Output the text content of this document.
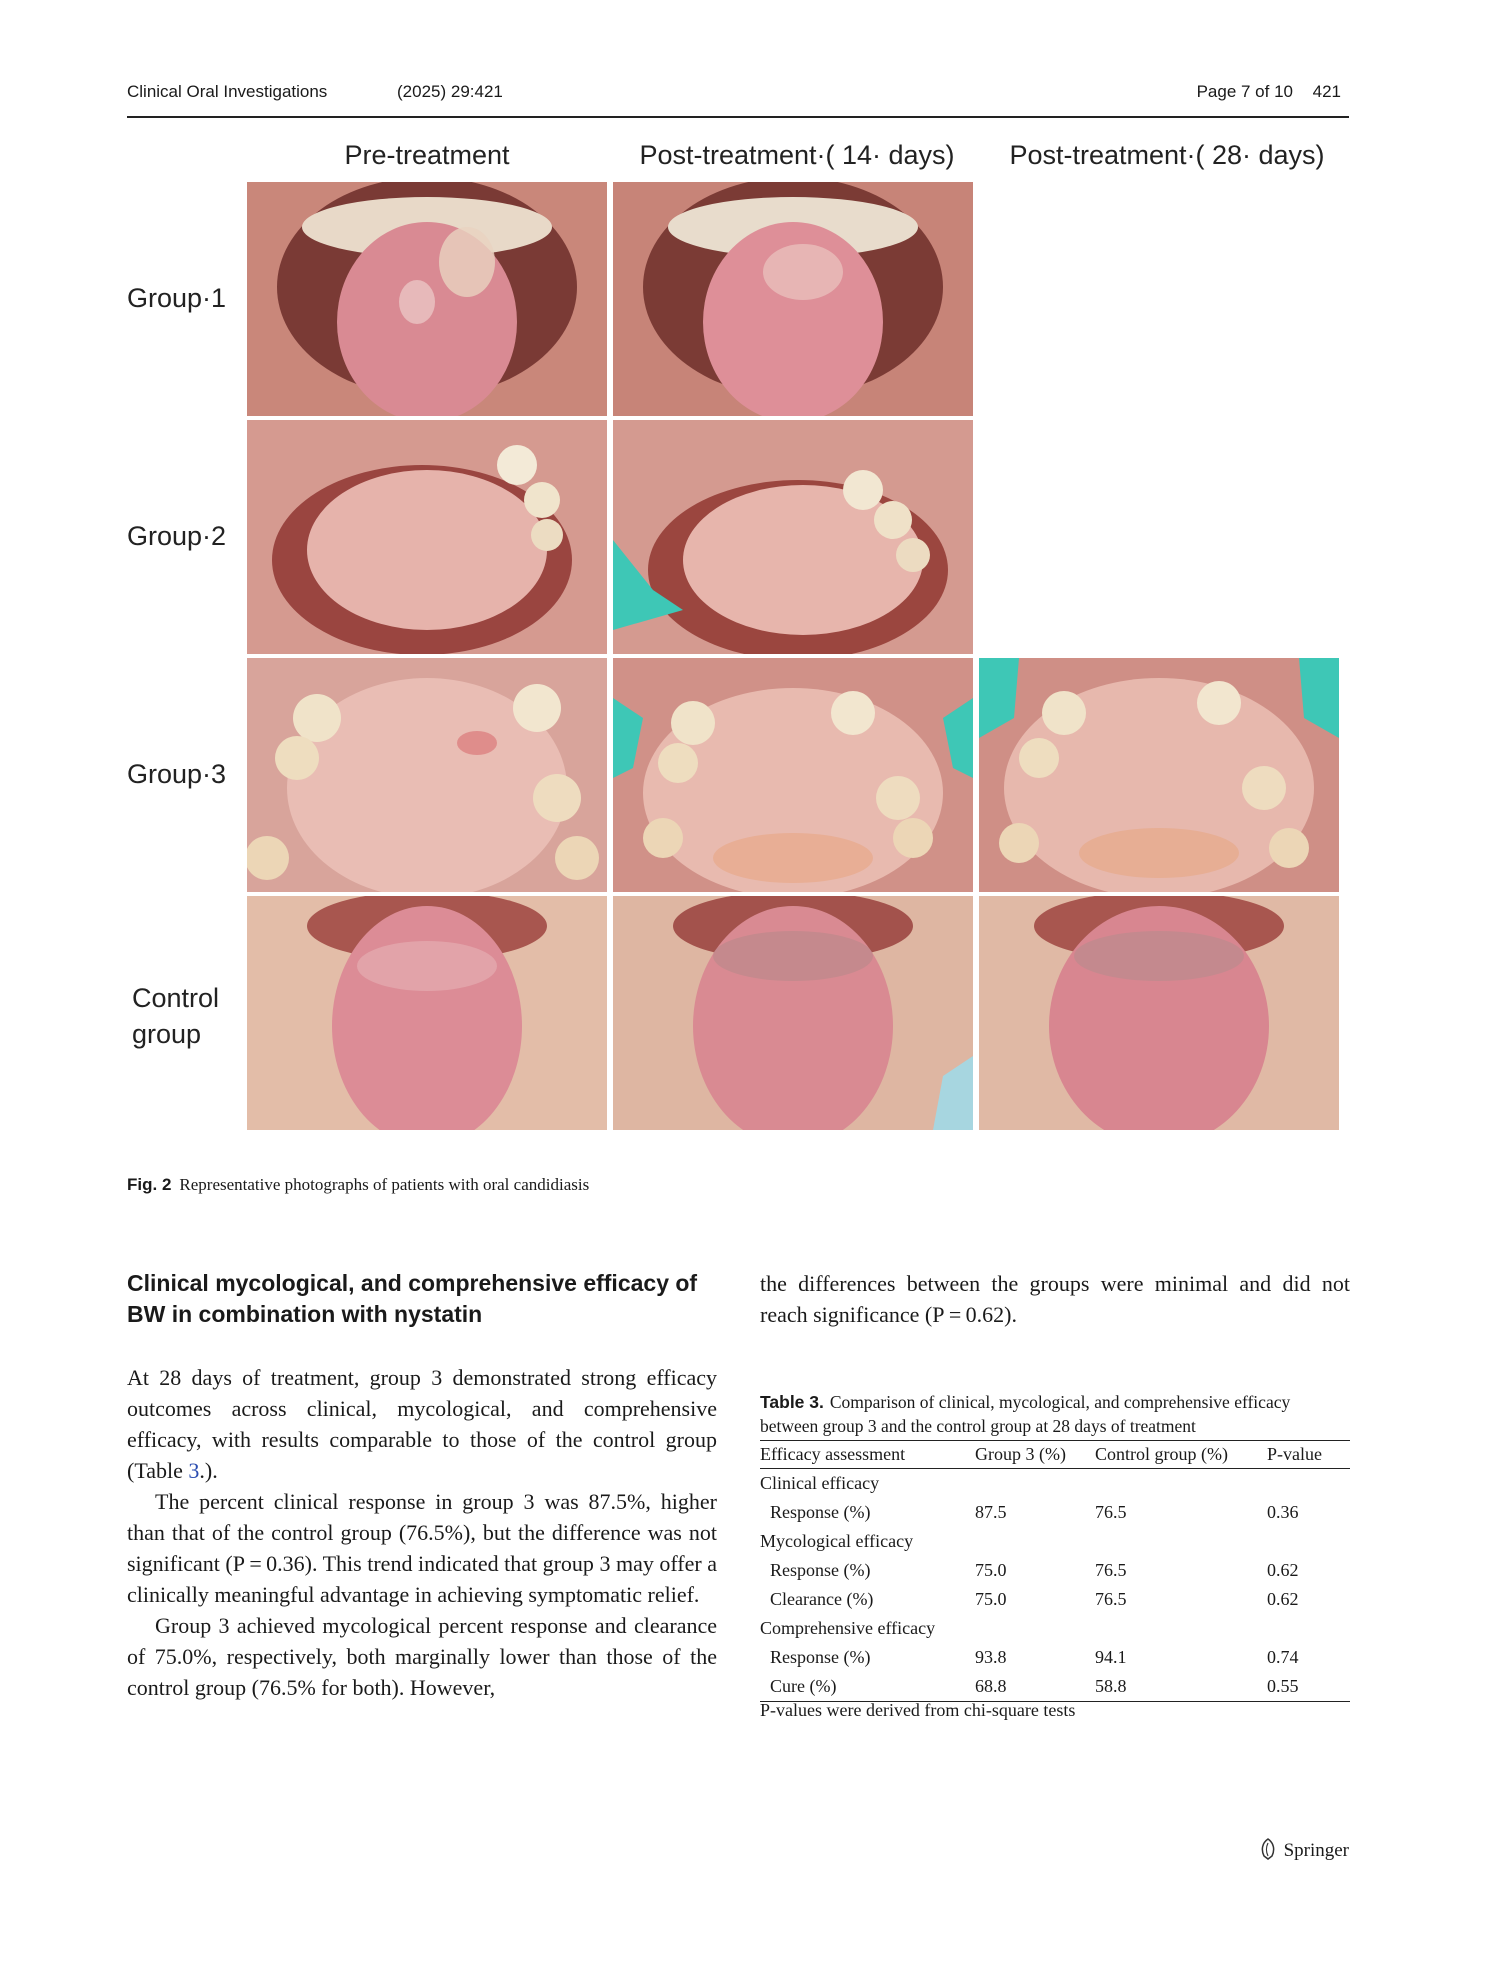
Clinical Oral Investigations	(2025) 29:421	Page 7 of 10 421
Pre-treatment	Post-treatment·( 14· days)	Post-treatment·( 28· days)
Group·1
Group·2
Group·3
Control
group
Fig. 2 Representative photographs of patients with oral candidiasis
Clinical mycological, and comprehensive efficacy of BW in combination with nystatin

At 28 days of treatment, group 3 demonstrated strong efficacy outcomes across clinical, mycological, and comprehensive efficacy, with results comparable to those of the control group (Table 3.).

The percent clinical response in group 3 was 87.5%, higher than that of the control group (76.5%), but the difference was not significant (P = 0.36). This trend indicated that group 3 may offer a clinically meaningful advantage in achieving symptomatic relief.

Group 3 achieved mycological percent response and clearance of 75.0%, respectively, both marginally lower than those of the control group (76.5% for both). However,

the differences between the groups were minimal and did not reach significance (P = 0.62).

Table 3. Comparison of clinical, mycological, and comprehensive efficacy between group 3 and the control group at 28 days of treatment
Efficacy assessment	Group 3 (%)	Control group (%)	P-value
Clinical efficacy			
Response (%)	87.5	76.5	0.36
Mycological efficacy			
Response (%)	75.0	76.5	0.62
Clearance (%)	75.0	76.5	0.62
Comprehensive efficacy			
Response (%)	93.8	94.1	0.74
Cure (%)	68.8	58.8	0.55
P-values were derived from chi-square tests
Springer
